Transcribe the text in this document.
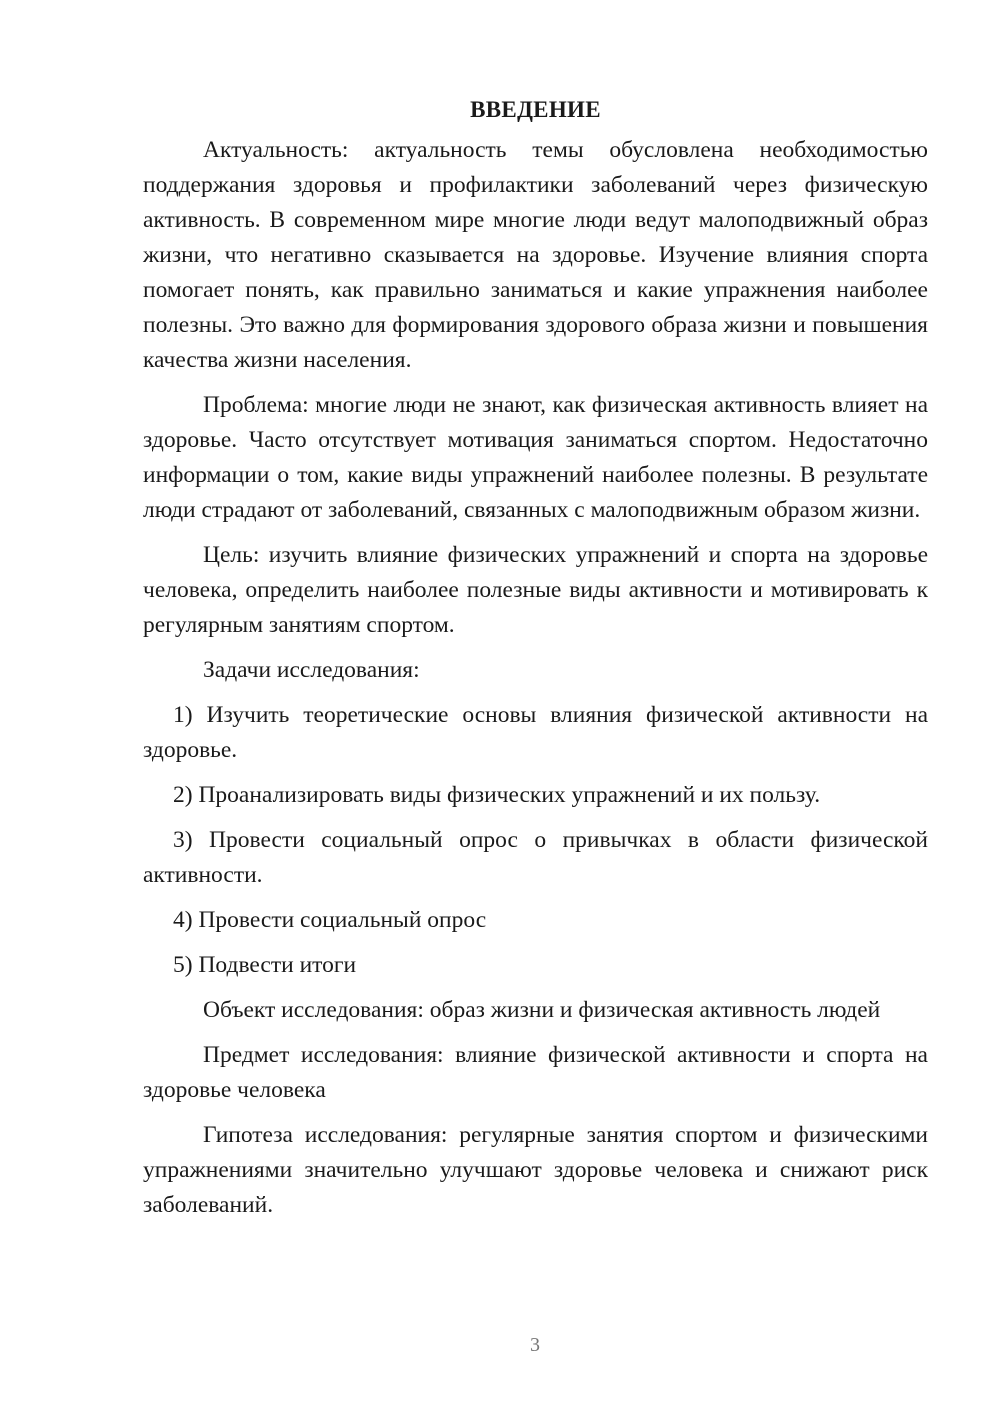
ВВЕДЕНИЕ

Актуальность: актуальность темы обусловлена необходимостью поддержания здоровья и профилактики заболеваний через физическую активность. В современном мире многие люди ведут малоподвижный образ жизни, что негативно сказывается на здоровье. Изучение влияния спорта помогает понять, как правильно заниматься и какие упражнения наиболее полезны. Это важно для формирования здорового образа жизни и повышения качества жизни населения.

Проблема: многие люди не знают, как физическая активность влияет на здоровье. Часто отсутствует мотивация заниматься спортом. Недостаточно информации о том, какие виды упражнений наиболее полезны. В результате люди страдают от заболеваний, связанных с малоподвижным образом жизни.

Цель: изучить влияние физических упражнений и спорта на здоровье человека, определить наиболее полезные виды активности и мотивировать к регулярным занятиям спортом.

Задачи исследования:

1) Изучить теоретические основы влияния физической активности на здоровье.

2) Проанализировать виды физических упражнений и их пользу.

3) Провести социальный опрос о привычках в области физической активности.

4) Провести социальный опрос

5) Подвести итоги

Объект исследования: образ жизни и физическая активность людей

Предмет исследования: влияние физической активности и спорта на здоровье человека

Гипотеза исследования: регулярные занятия спортом и физическими упражнениями значительно улучшают здоровье человека и снижают риск заболеваний.

3
